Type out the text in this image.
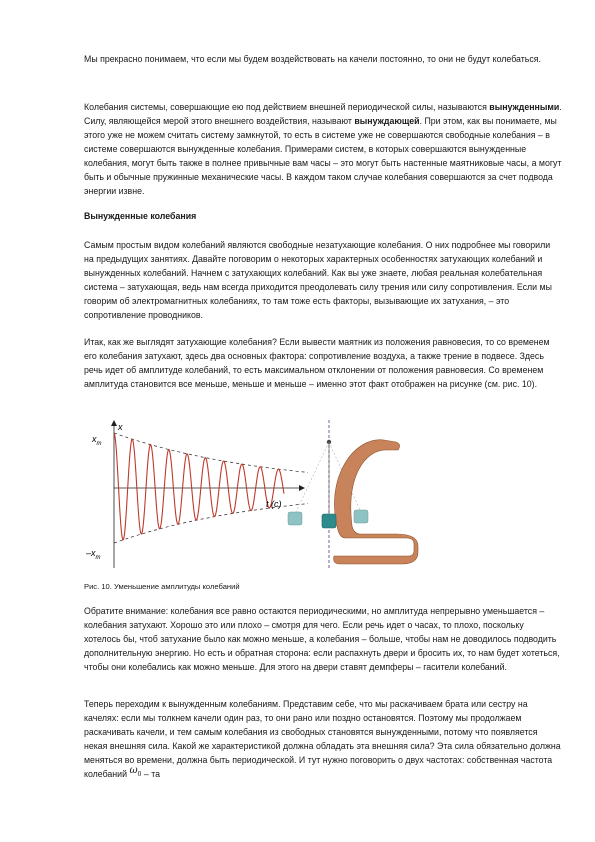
Мы прекрасно понимаем, что если мы будем воздействовать на качели постоянно, то они не будут колебаться.

Колебания системы, совершающие ею под действием внешней периодической силы, называются вынужденными. Силу, являющейся мерой этого внешнего воздействия, называют вынуждающей. При этом, как вы понимаете, мы этого уже не можем считать систему замкнутой, то есть в системе уже не совершаются свободные колебания – в системе совершаются вынужденные колебания. Примерами систем, в которых совершаются вынужденные колебания, могут быть также в полнее привычные вам часы – это могут быть настенные маятниковые часы, а могут быть и обычные пружинные механические часы. В каждом таком случае колебания совершаются за счет подвода энергии извне.

Вынужденные колебания

Самым простым видом колебаний являются свободные незатухающие колебания. О них подробнее мы говорили на предыдущих занятиях. Давайте поговорим о некоторых характерных особенностях затухающих колебаний и вынужденных колебаний. Начнем с затухающих колебаний. Как вы уже знаете, любая реальная колебательная система – затухающая, ведь нам всегда приходится преодолевать силу трения или силу сопротивления. Если мы говорим об электромагнитных колебаниях, то там тоже есть факторы, вызывающие их затухания, – это сопротивление проводников.

Итак, как же выглядят затухающие колебания? Если вывести маятник из положения равновесия, то со временем его колебания затухают, здесь два основных фактора: сопротивление воздуха, а также трение в подвесе. Здесь речь идет об амплитуде колебаний, то есть максимальном отклонении от положения равновесия. Со временем амплитуда становится все меньше, меньше и меньше – именно этот факт отображен на рисунке (см. рис. 10).

x
$x_m$
$-x_m$
t (c)

Рис. 10. Уменьшение амплитуды колебаний

Обратите внимание: колебания все равно остаются периодическими, но амплитуда непрерывно уменьшается – колебания затухают. Хорошо это или плохо – смотря для чего. Если речь идет о часах, то плохо, поскольку хотелось бы, чтоб затухание было как можно меньше, а колебания – больше, чтобы нам не доводилось подводить дополнительную энергию. Но есть и обратная сторона: если распахнуть двери и бросить их, то нам будет хотеться, чтобы они колебались как можно меньше. Для этого на двери ставят демпферы – гасители колебаний.

Теперь переходим к вынужденным колебаниям. Представим себе, что мы раскачиваем брата или сестру на качелях: если мы толкнем качели один раз, то они рано или поздно остановятся. Поэтому мы продолжаем раскачивать качели, и тем самым колебания из свободных становятся вынужденными, потому что появляется некая внешняя сила. Какой же характеристикой должна обладать эта внешняя сила? Эта сила обязательно должна меняться во времени, должна быть периодической. И тут нужно поговорить о двух частотах: собственная частота колебаний $\omega_0$ – та
